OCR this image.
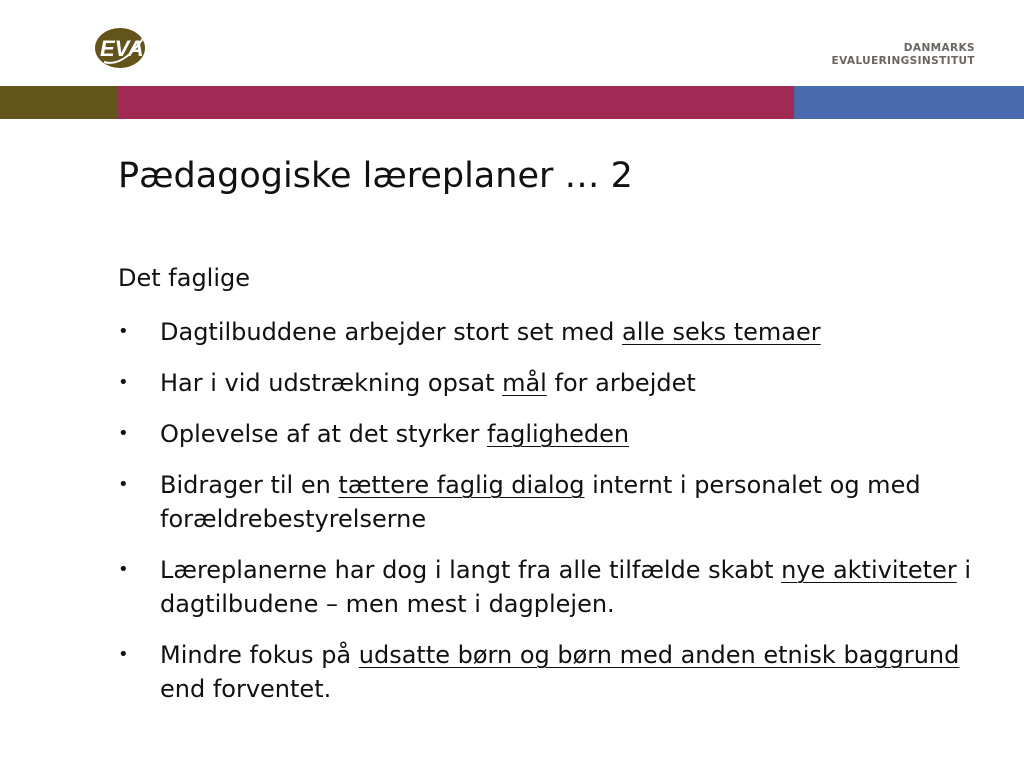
EVA	DANMARKS
EVALUERINGSINSTITUT
Pædagogiske læreplaner … 2
Det faglige
• Dagtilbuddene arbejder stort set med alle seks temaer
• Har i vid udstrækning opsat mål for arbejdet
• Oplevelse af at det styrker fagligheden
• Bidrager til en tættere faglig dialog internt i personalet og med forældrebestyrelserne
• Læreplanerne har dog i langt fra alle tilfælde skabt nye aktiviteter i dagtilbudene – men mest i dagplejen.
• Mindre fokus på udsatte børn og børn med anden etnisk baggrund end forventet.
